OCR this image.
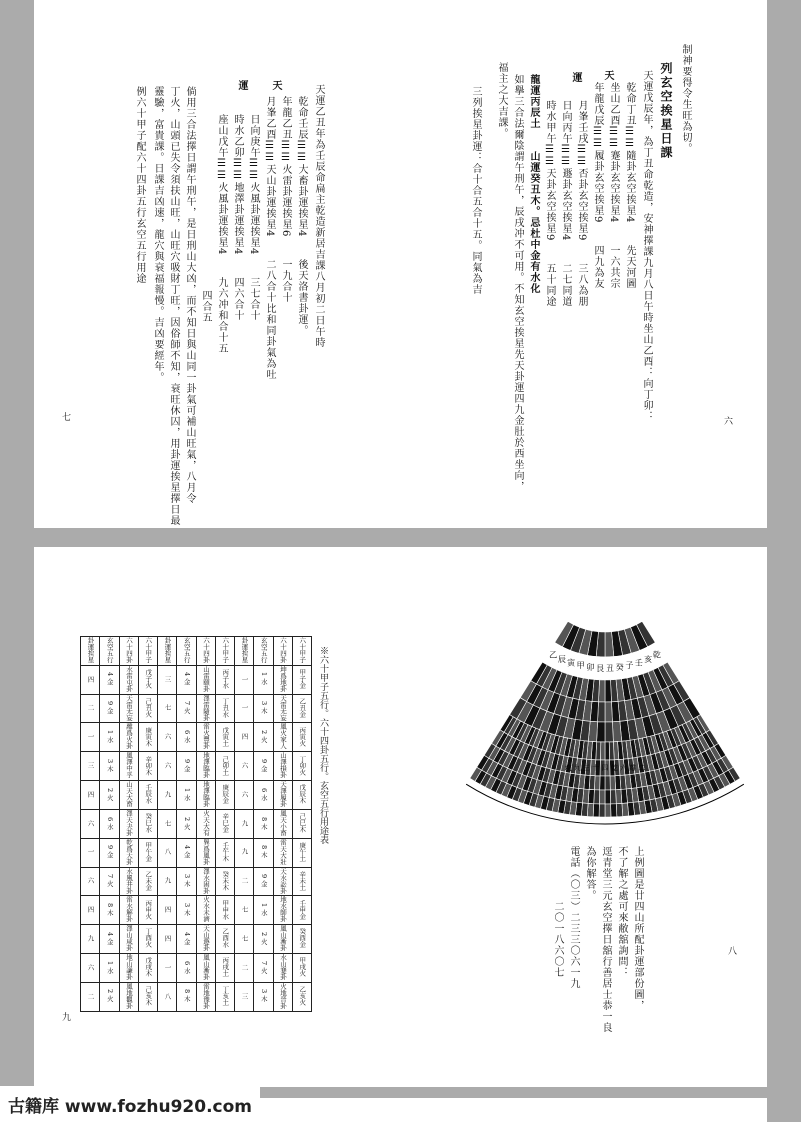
制神要得令生旺為切。
列玄空挨星日課
天運戊辰年，為丁丑命乾造，安神擇課九月八日午時坐山乙酉：向丁卯：
乾命丁丑☰☰隨卦玄空挨星4　　先天河圖
坐山乙酉☰☰蹇卦玄空挨星4　　一六共宗
年龍戊辰☰☰履卦玄空挨星9　　四九為友
月峯壬戌☰☰否卦玄空挨星9　　三八為朋
日向丙午☰☰遯卦玄空挨星4　　二七同道
時水甲午☰☰天卦玄空挨星9　　五十同途
龍運丙辰土　　山運癸丑木。忌杜中金有水化
如擧三合法爾陰謂午刑午，辰戌冲不可用。不知玄空挨星先天卦運四九金肚於西坐向，
福主之大吉課。
三列挨星卦運：合十合五合十五。同氣為吉
天
運
天運乙丑年為壬辰命扁主乾造新居吉課八月初二日午時
乾命壬辰☰☰大畜卦運挨星4　　後天洛書卦運。
年龍乙丑☰☰火雷卦運挨星6　　一九合十
月峯乙酉☰☰天山卦運挨星4　　二八合十比和同卦氣為吐
日向庚午☰☰火風卦運挨星4　　三七合十
時水乙卯☰☰地澤卦運挨星4　　四六合十
座山戊午☰☰火風卦運挨星4　　九六冲和合十五
　　　　　　　　　　　　　　　　四合五
倘用三合法擇日謂午刑午，是日刑山大凶，而不知日與山同一卦氣可補山旺氣，八月令
丁火，山頭已失令須扶山旺，山旺穴吸財丁旺，因俗師不知，衰旺休囚，用卦運挨星擇日最
靈驗，富貴課。日課吉凶速，龍穴與衰福報慢。吉凶要經年。
例六十甲子配六十四卦五行玄空五行用途
天
運
六
七
乙 辰 寅 甲 卯 艮 丑 癸 子 壬 亥 乾
坎 九 三 十 四 乾 六 離 二
上例圖是廿四山所配卦運部份圖，
不了解之處可來敝舘詢問：
逕青堂三元玄空擇日舘行善居士恭一良
為你解答。
電話（〇三）二三三〇六一九
　　　　　二〇一八六〇七
※六十甲子五行。六十四卦五行。玄空五行用途表
卦運挨星	玄空五行	六十四卦	六十甲子	卦運挨星	玄空五行	六十四卦	六十甲子	卦運挨星	玄空五行	六十四卦	六十甲子
四	4 金	水雷屯卦	戊子火	三	4 金	山雷頤卦	丙子水	一	1 水	坤爲地卦	甲子金
二	9 金	天雷无妄	己丑火	七	7 火	澤雷隨卦	丁丑水	一	3 木	天雷无妄	乙丑金
一	1 水	離爲火卦	庚寅木	六	6 水	雷火豐卦	戊寅土	四	2 火	風火家人	丙寅火
三	3 木	風澤中孚	辛卯木	六	9 金	地澤臨卦	己卯土	六	9 金	山澤損卦	丁卯火
四	2 火	山天大畜	壬辰水	九	1 水	地澤臨卦	庚辰金	六	6 水	天澤履卦	戊辰木
六	6 水	澤天夬卦	癸巳水	七	2 火	火天大有	辛巳金	九	8 木	風天小畜	己巳木
一	9 金	乾爲天卦	甲午金	八	4 金	巽爲風卦	壬午木	九	8 木	雷天大壯	庚午土
六	7 火	水風井卦	乙未金	九	3 木	澤水困卦	癸未木	二	9 金	天水訟卦	辛未土
四	8 木	雷水解卦	丙申火	四	3 木	火水未濟	甲申水	七	1 水	地水師卦	壬申金
九	4 金	澤山咸卦	丁酉火	四	4 金	天山遯卦	乙酉水	七	2 火	風山漸卦	癸酉金
六	1 水	地山謙卦	戊戌木	一	6 水	風山漸卦	丙戌土	二	7 火	水山蹇卦	甲戌火
二	2 火	風地觀卦	己亥木	八	8 木	雷地豫卦	丁亥土	三	3 木	火地晉卦	乙亥火
八
九
古籍库 www.fozhu920.com
